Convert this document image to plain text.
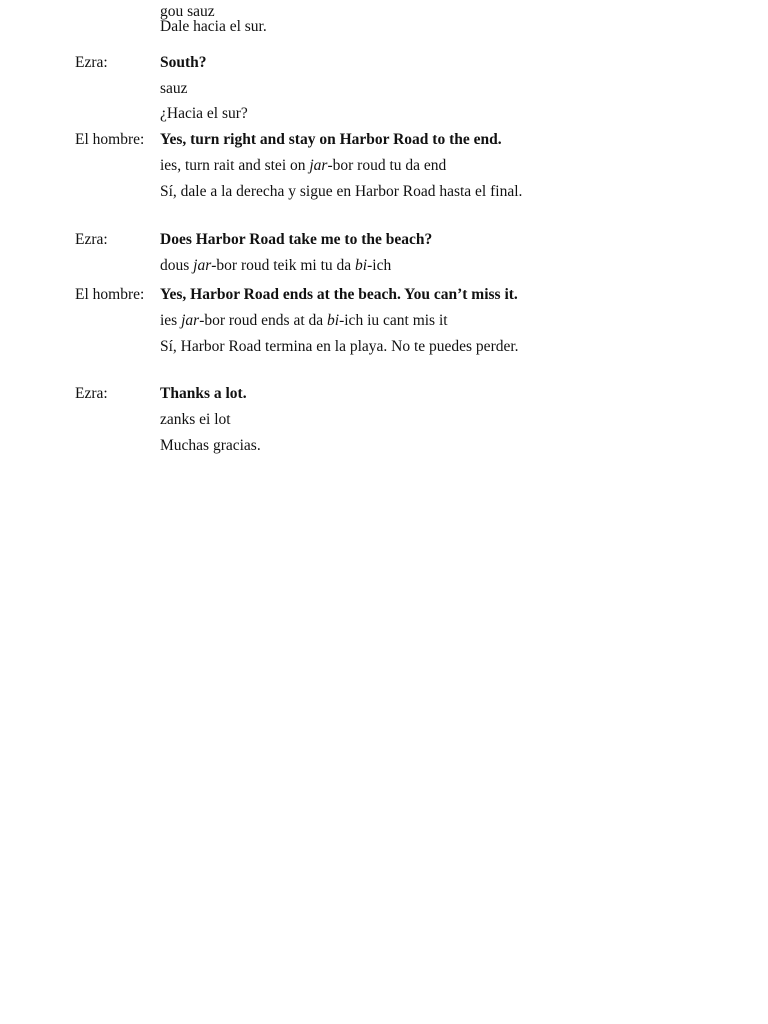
gou sauz
Dale hacia el sur.
Ezra:	South?
sauz
¿Hacia el sur?
El hombre: Yes, turn right and stay on Harbor Road to the end.
ies, turn rait and stei on jar-bor roud tu da end
Sí, dale a la derecha y sigue en Harbor Road hasta el final.
Ezra:	Does Harbor Road take me to the beach?
dous jar-bor roud teik mi tu da bi-ich
El hombre: Yes, Harbor Road ends at the beach. You can’t miss it.
ies jar-bor roud ends at da bi-ich iu cant mis it
Sí, Harbor Road termina en la playa. No te puedes perder.
Ezra:	Thanks a lot.
zanks ei lot
Muchas gracias.
